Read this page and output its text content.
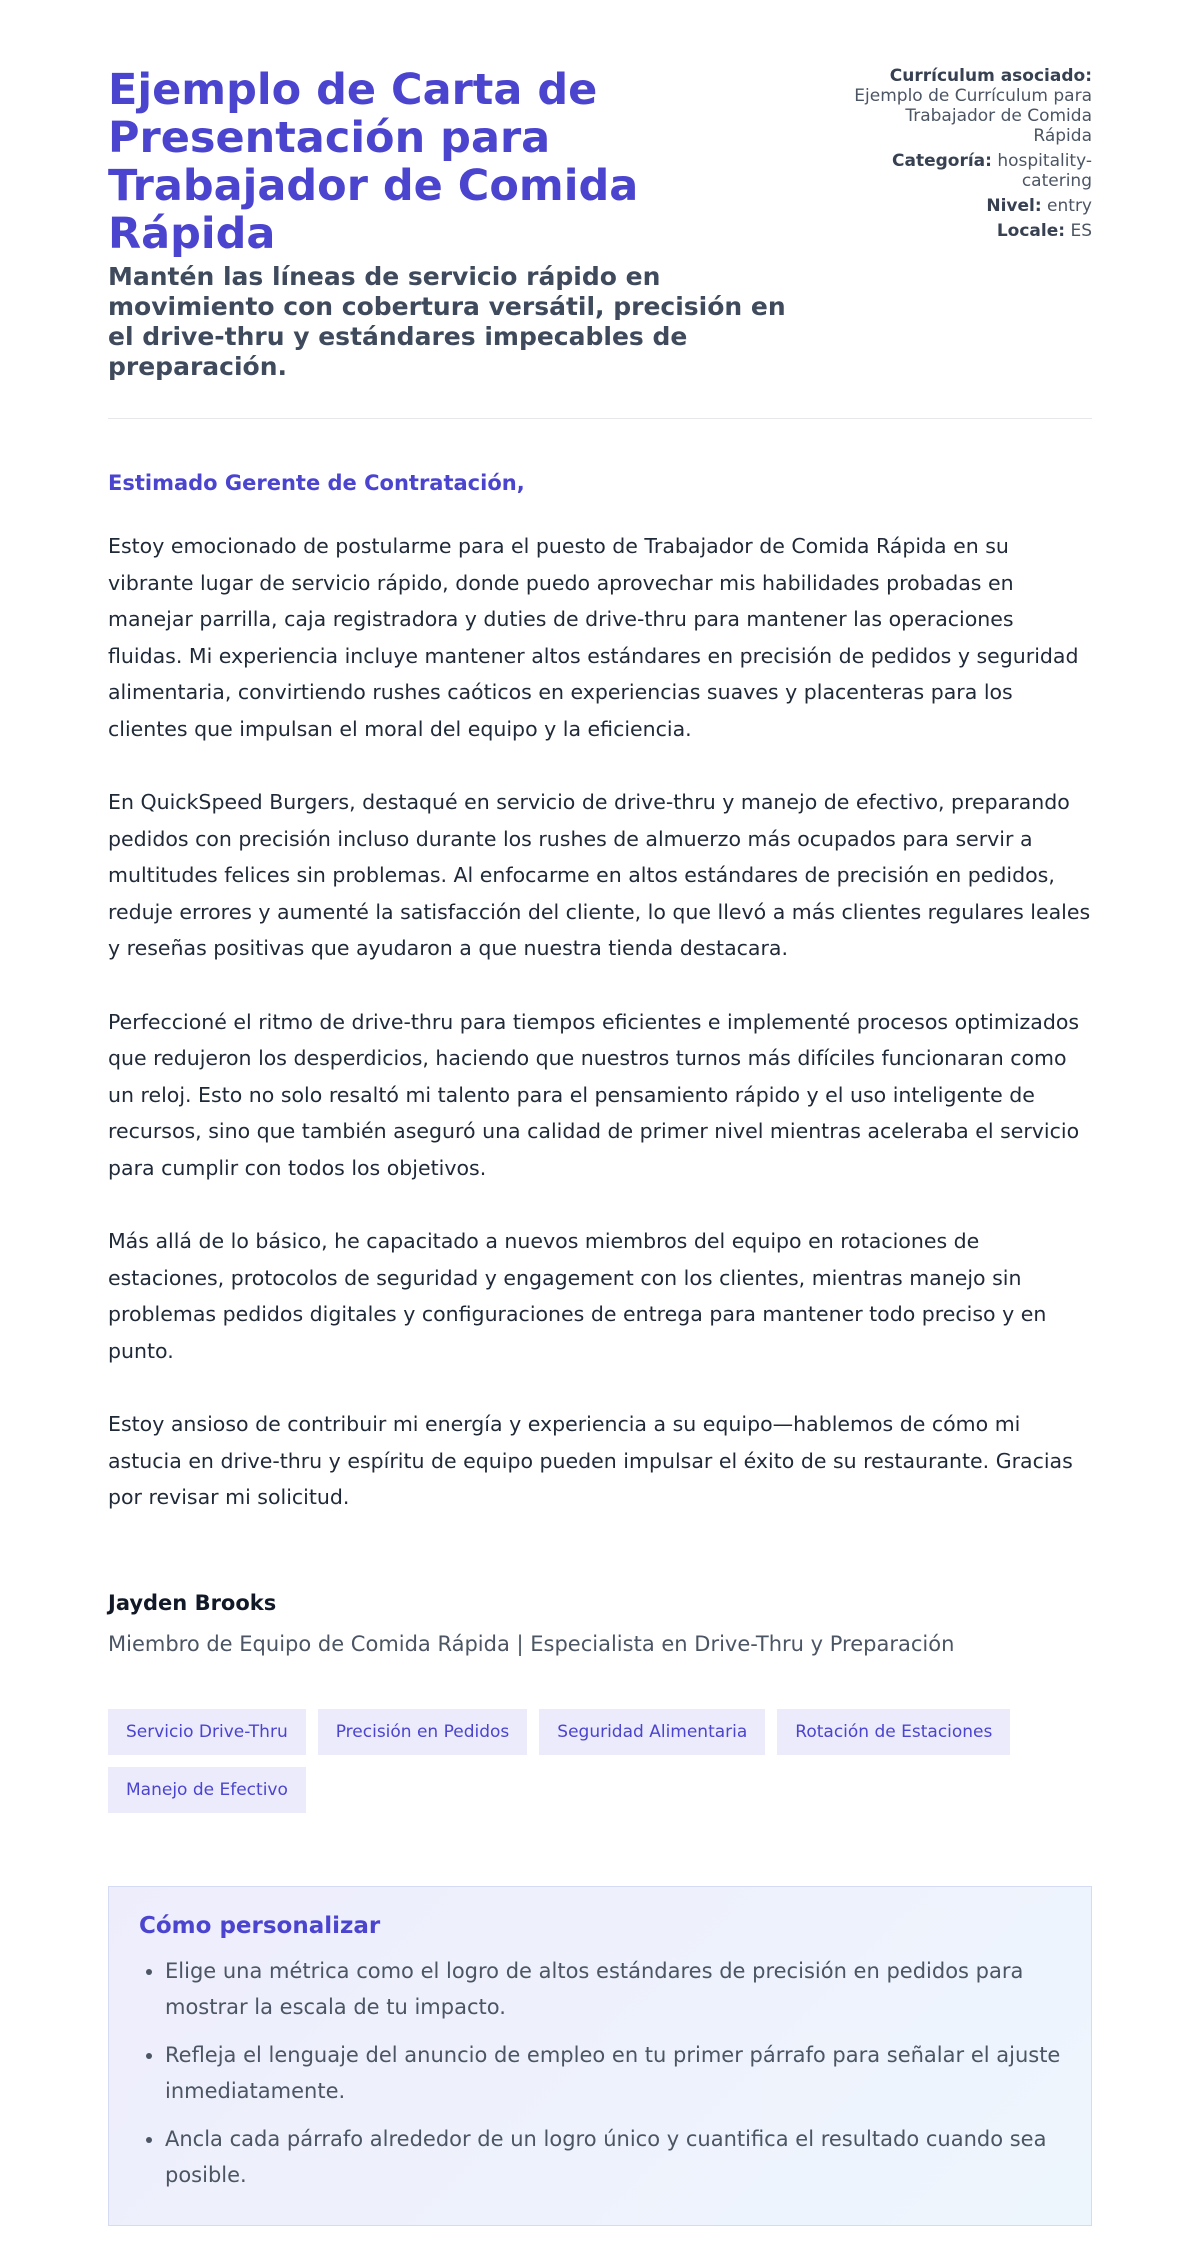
Ejemplo de Carta de Presentación para Trabajador de Comida Rápida
Mantén las líneas de servicio rápido en movimiento con cobertura versátil, precisión en el drive-thru y estándares impecables de preparación.
Currículum asociado:
Ejemplo de Currículum para Trabajador de Comida Rápida
Categoría: hospitality-catering
Nivel: entry
Locale: ES
Estimado Gerente de Contratación,

Estoy emocionado de postularme para el puesto de Trabajador de Comida Rápida en su vibrante lugar de servicio rápido, donde puedo aprovechar mis habilidades probadas en manejar parrilla, caja registradora y duties de drive-thru para mantener las operaciones fluidas. Mi experiencia incluye mantener altos estándares en precisión de pedidos y seguridad alimentaria, convirtiendo rushes caóticos en experiencias suaves y placenteras para los clientes que impulsan el moral del equipo y la eficiencia.

En QuickSpeed Burgers, destaqué en servicio de drive-thru y manejo de efectivo, preparando pedidos con precisión incluso durante los rushes de almuerzo más ocupados para servir a multitudes felices sin problemas. Al enfocarme en altos estándares de precisión en pedidos, reduje errores y aumenté la satisfacción del cliente, lo que llevó a más clientes regulares leales y reseñas positivas que ayudaron a que nuestra tienda destacara.

Perfeccioné el ritmo de drive-thru para tiempos eficientes e implementé procesos optimizados que redujeron los desperdicios, haciendo que nuestros turnos más difíciles funcionaran como un reloj. Esto no solo resaltó mi talento para el pensamiento rápido y el uso inteligente de recursos, sino que también aseguró una calidad de primer nivel mientras aceleraba el servicio para cumplir con todos los objetivos.

Más allá de lo básico, he capacitado a nuevos miembros del equipo en rotaciones de estaciones, protocolos de seguridad y engagement con los clientes, mientras manejo sin problemas pedidos digitales y configuraciones de entrega para mantener todo preciso y en punto.

Estoy ansioso de contribuir mi energía y experiencia a su equipo—hablemos de cómo mi astucia en drive-thru y espíritu de equipo pueden impulsar el éxito de su restaurante. Gracias por revisar mi solicitud.

Jayden Brooks
Miembro de Equipo de Comida Rápida | Especialista en Drive-Thru y Preparación
Servicio Drive-Thru	Precisión en Pedidos	Seguridad Alimentaria	Rotación de Estaciones
Manejo de Efectivo
Cómo personalizar
• Elige una métrica como el logro de altos estándares de precisión en pedidos para mostrar la escala de tu impacto.
• Refleja el lenguaje del anuncio de empleo en tu primer párrafo para señalar el ajuste inmediatamente.
• Ancla cada párrafo alrededor de un logro único y cuantifica el resultado cuando sea posible.
